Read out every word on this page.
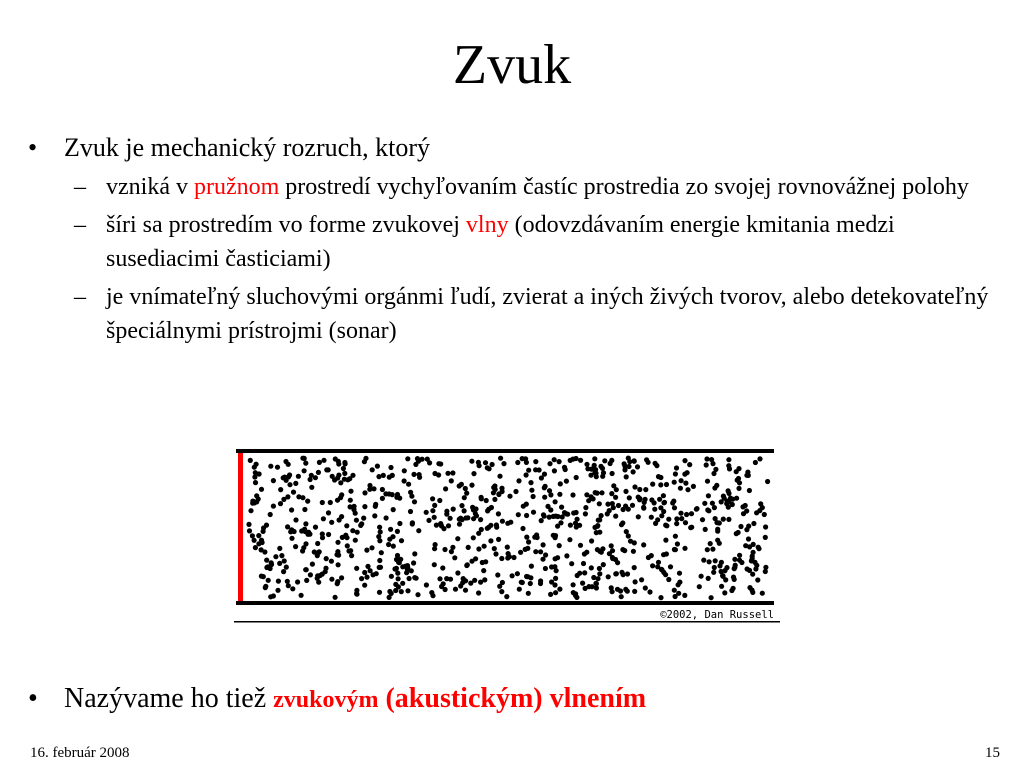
Zvuk
• Zvuk je mechanický rozruch, ktorý
– vzniká v pružnom prostredí vychyľovaním častíc prostredia zo svojej rovnovážnej polohy
– šíri sa prostredím vo forme zvukovej vlny (odovzdávaním energie kmitania medzi susediacimi časticiami)
– je vnímateľný sluchovými orgánmi ľudí, zvierat a iných živých tvorov, alebo detekovateľný špeciálnymi prístrojmi (sonar)
©2002, Dan Russell
• Nazývame ho tiež zvukovým (akustickým) vlnením
16. február 2008	15
